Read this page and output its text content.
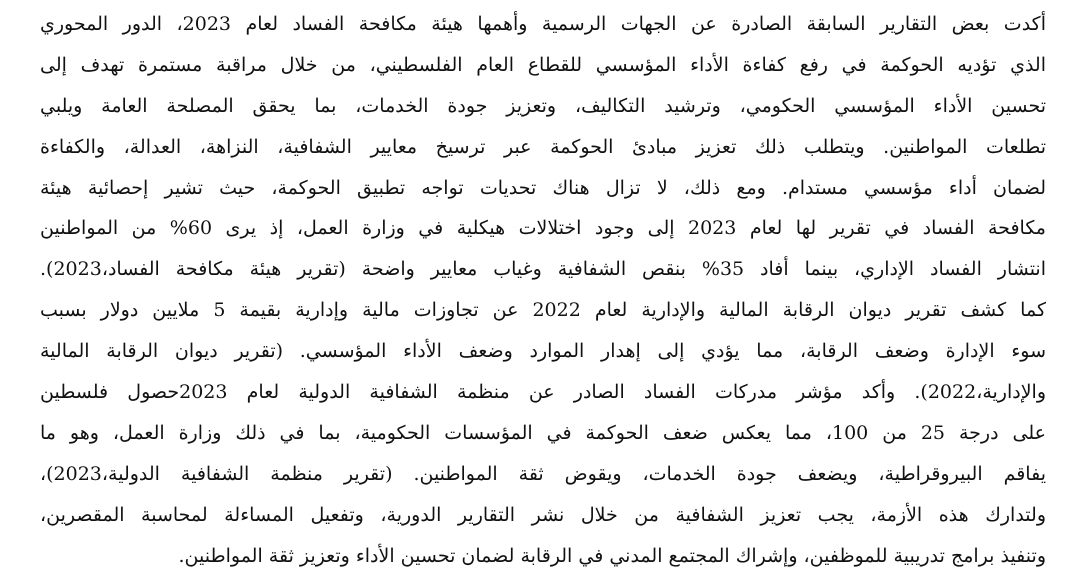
أكدت بعض التقارير السابقة الصادرة عن الجهات الرسمية وأهمها هيئة مكافحة الفساد لعام 2023، الدور المحوري
الذي تؤديه الحوكمة في رفع كفاءة الأداء المؤسسي للقطاع العام الفلسطيني، من خلال مراقبة مستمرة تهدف إلى
تحسين الأداء المؤسسي الحكومي، وترشيد التكاليف، وتعزيز جودة الخدمات، بما يحقق المصلحة العامة ويلبي
تطلعات المواطنين. ويتطلب ذلك تعزيز مبادئ الحوكمة عبر ترسيخ معايير الشفافية، النزاهة، العدالة، والكفاءة
لضمان أداء مؤسسي مستدام. ومع ذلك، لا تزال هناك تحديات تواجه تطبيق الحوكمة، حيث تشير إحصائية هيئة
مكافحة الفساد في تقرير لها لعام 2023 إلى وجود اختلالات هيكلية في وزارة العمل، إذ يرى 60% من المواطنين
انتشار الفساد الإداري، بينما أفاد 35% بنقص الشفافية وغياب معايير واضحة (تقرير هيئة مكافحة الفساد،2023).
كما كشف تقرير ديوان الرقابة المالية والإدارية لعام 2022 عن تجاوزات مالية وإدارية بقيمة 5 ملايين دولار بسبب
سوء الإدارة وضعف الرقابة، مما يؤدي إلى إهدار الموارد وضعف الأداء المؤسسي. (تقرير ديوان الرقابة المالية
والإدارية،2022). وأكد مؤشر مدركات الفساد الصادر عن منظمة الشفافية الدولية لعام 2023حصول فلسطين
على درجة 25 من 100، مما يعكس ضعف الحوكمة في المؤسسات الحكومية، بما في ذلك وزارة العمل، وهو ما
يفاقم البيروقراطية، ويضعف جودة الخدمات، ويقوض ثقة المواطنين. (تقرير منظمة الشفافية الدولية،2023)،
ولتدارك هذه الأزمة، يجب تعزيز الشفافية من خلال نشر التقارير الدورية، وتفعيل المساءلة لمحاسبة المقصرين،
وتنفيذ برامج تدريبية للموظفين، وإشراك المجتمع المدني في الرقابة لضمان تحسين الأداء وتعزيز ثقة المواطنين.
